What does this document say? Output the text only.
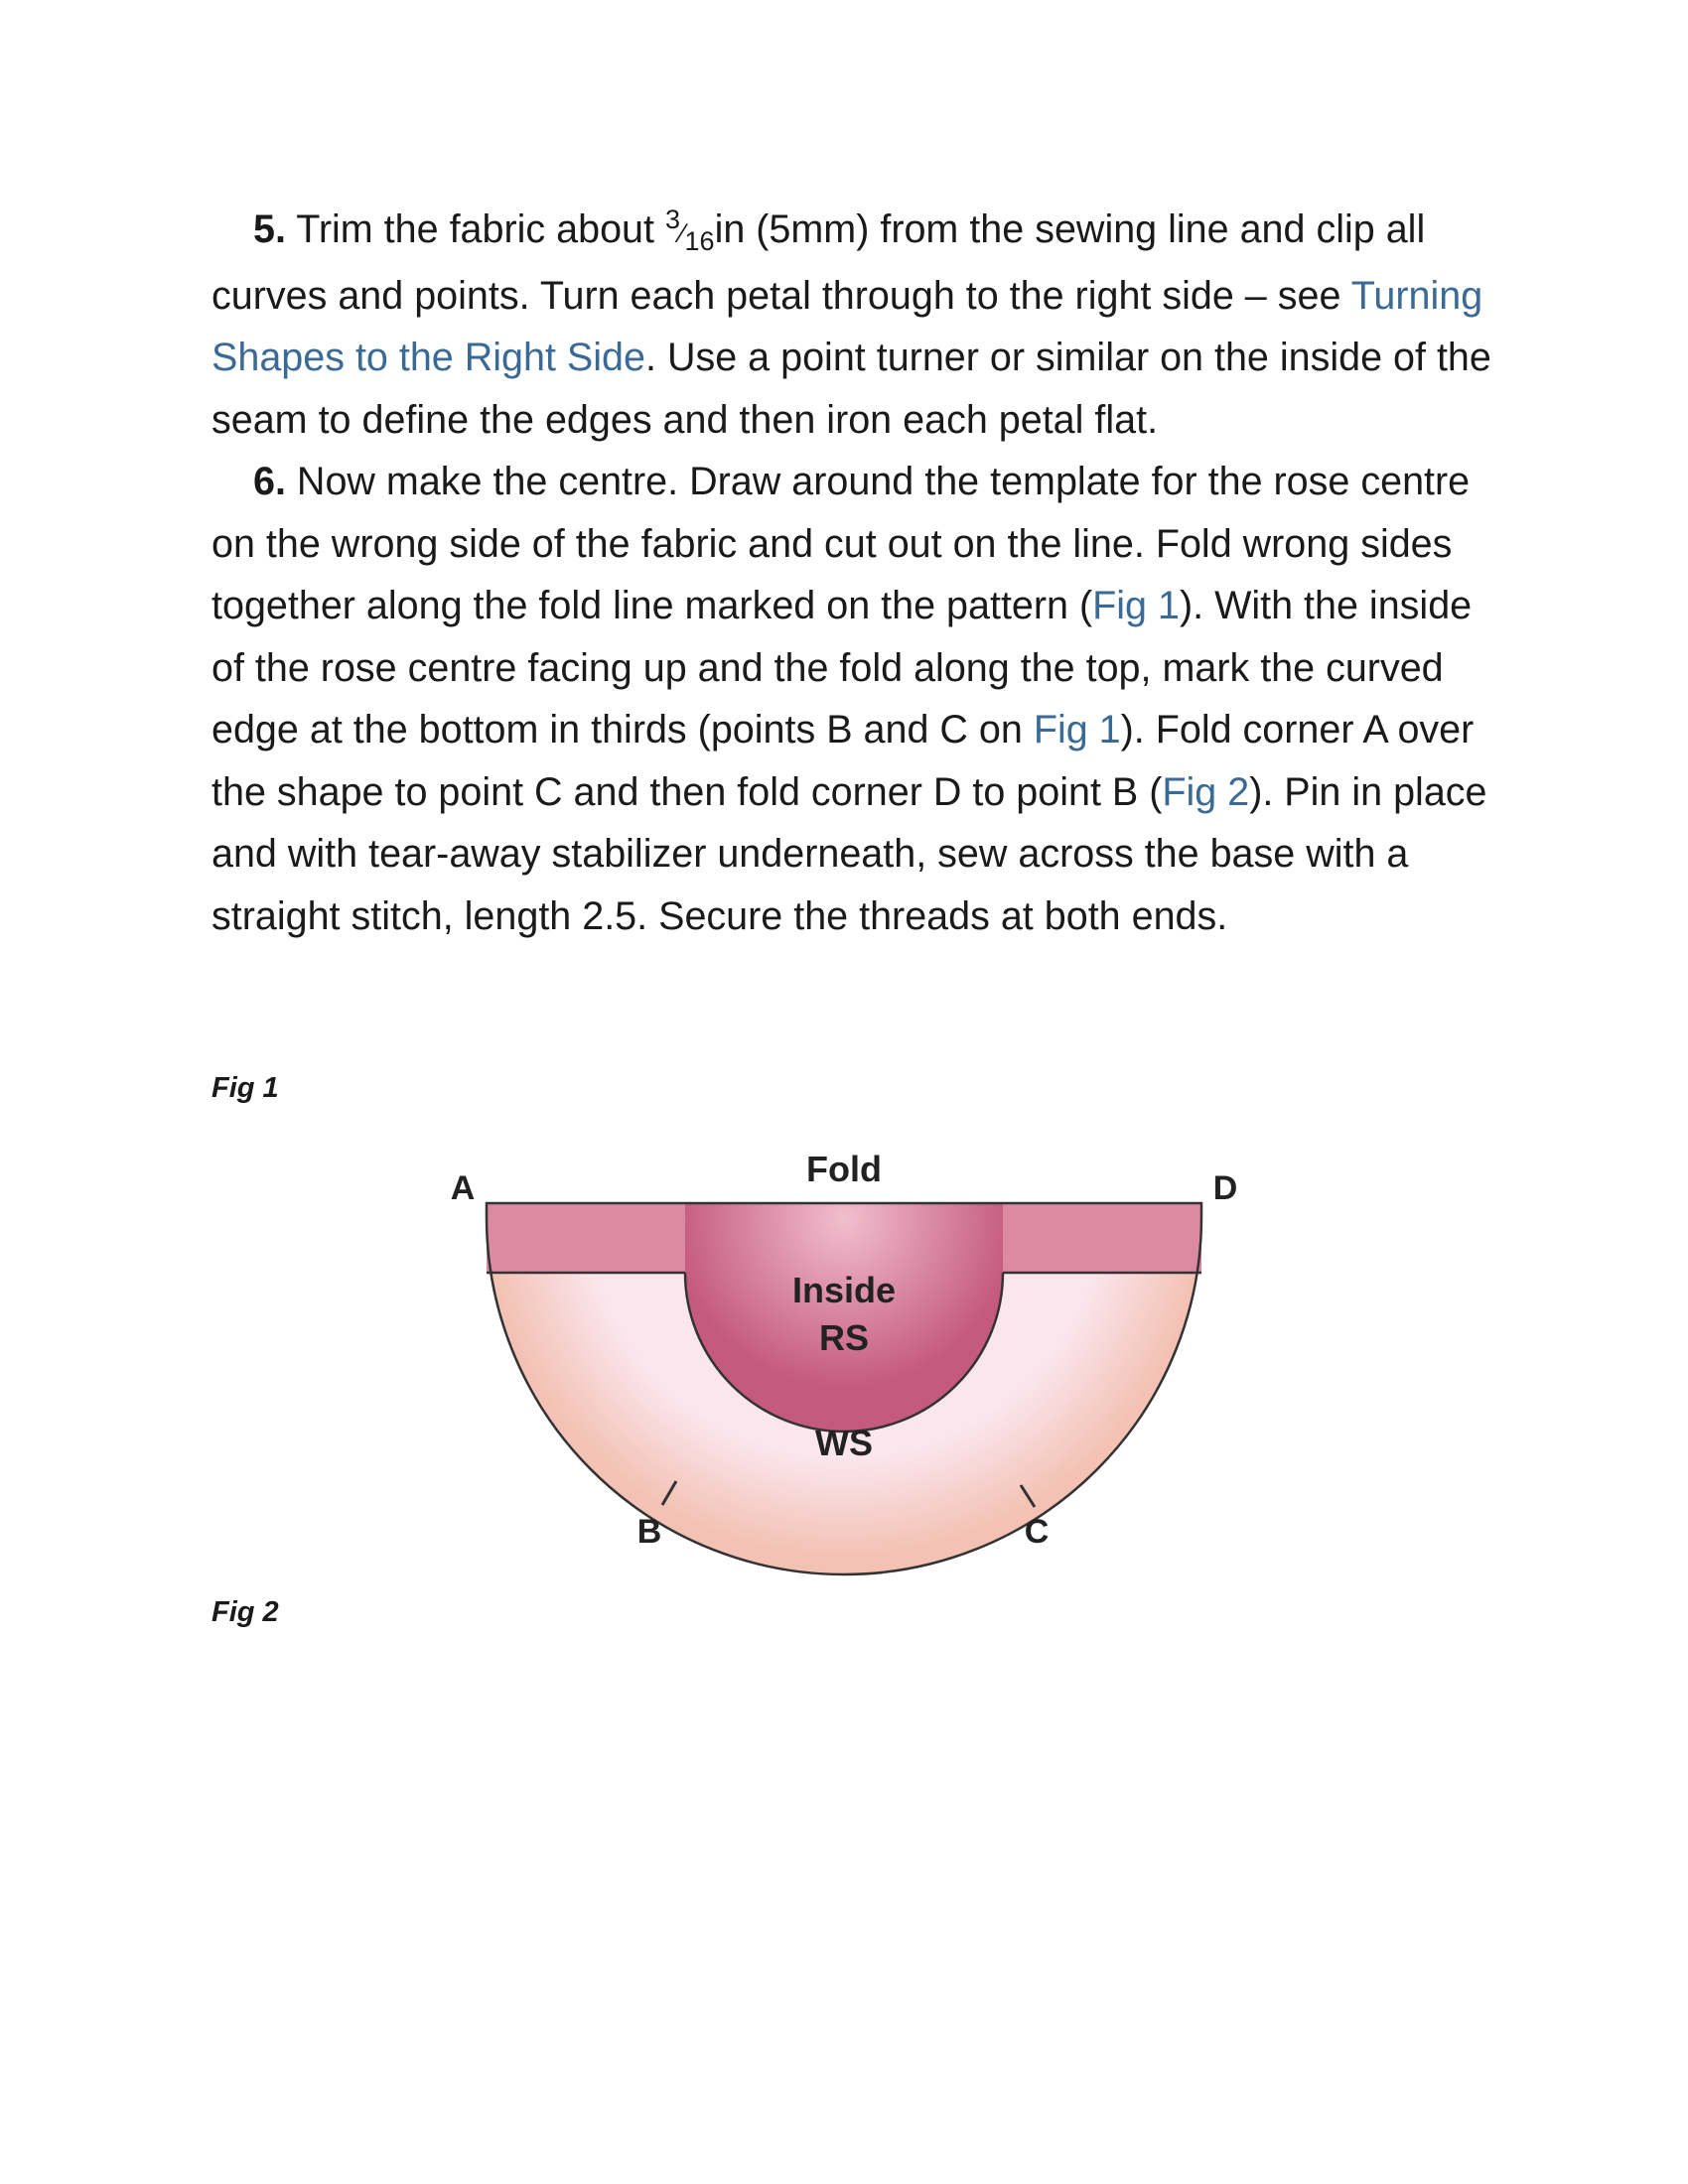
5. Trim the fabric about 3⁄16in (5mm) from the sewing line and clip all curves and points. Turn each petal through to the right side – see Turning Shapes to the Right Side. Use a point turner or similar on the inside of the seam to define the edges and then iron each petal flat.

6. Now make the centre. Draw around the template for the rose centre on the wrong side of the fabric and cut out on the line. Fold wrong sides together along the fold line marked on the pattern (Fig 1). With the inside of the rose centre facing up and the fold along the top, mark the curved edge at the bottom in thirds (points B and C on Fig 1). Fold corner A over the shape to point C and then fold corner D to point B (Fig 2). Pin in place and with tear-away stabilizer underneath, sew across the base with a straight stitch, length 2.5. Secure the threads at both ends.

Fig 1

Fold
A	D
Inside
RS
WS
B	C

Fig 2
